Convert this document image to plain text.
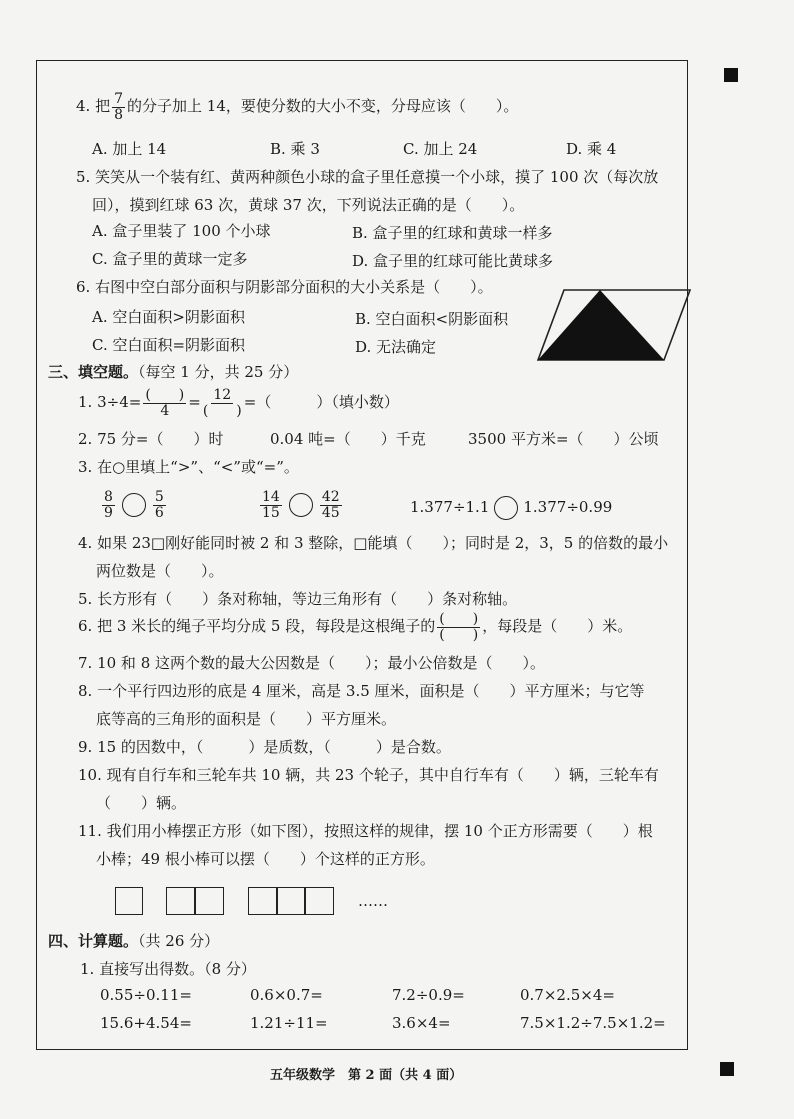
4. 把 $\frac{7}{8}$ 的分子加上 14，要使分数的大小不变，分母应该（　　）。
A. 加上 14	B. 乘 3	C. 加上 24	D. 乘 4
5. 笑笑从一个装有红、黄两种颜色小球的盒子里任意摸一个小球，摸了 100 次（每次放
回），摸到红球 63 次，黄球 37 次，下列说法正确的是（　　）。
A. 盒子里装了 100 个小球	B. 盒子里的红球和黄球一样多
C. 盒子里的黄球一定多	D. 盒子里的红球可能比黄球多
6. 右图中空白部分面积与阴影部分面积的大小关系是（　　）。
A. 空白面积>阴影面积	B. 空白面积<阴影面积
C. 空白面积=阴影面积	D. 无法确定
三、填空题。（每空 1 分，共 25 分）
1. $3\div 4= \frac{( )}{4} = \frac{12}{( )}$ =（　　　）（填小数）
2. 75 分=（　　）时	0.04 吨=（　　）千克	3500 平方米=（　　）公顷
3. 在○里填上“>”、“<”或“=”。
$\frac{8}{9}$	$\frac{5}{6}$	$\frac{14}{15}$	$\frac{42}{45}$	1.377÷1.1 1.377÷0.99
4. 如果 23□刚好能同时被 2 和 3 整除，□能填（　　）；同时是 2，3，5 的倍数的最小
两位数是（　　）。
5. 长方形有（　　）条对称轴，等边三角形有（　　）条对称轴。
6. 把 3 米长的绳子平均分成 5 段，每段是这根绳子的 $\frac{( )}{( )}$ ，每段是（　　）米。
7. 10 和 8 这两个数的最大公因数是（　　）；最小公倍数是（　　）。
8. 一个平行四边形的底是 4 厘米，高是 3.5 厘米，面积是（　　）平方厘米；与它等
底等高的三角形的面积是（　　）平方厘米。
9. 15 的因数中，（　　　）是质数，（　　　）是合数。
10. 现有自行车和三轮车共 10 辆，共 23 个轮子，其中自行车有（　　）辆，三轮车有
（　　）辆。
11. 我们用小棒摆正方形（如下图），按照这样的规律，摆 10 个正方形需要（　　）根
小棒；49 根小棒可以摆（　　）个这样的正方形。
……
四、计算题。（共 26 分）
1. 直接写出得数。（8 分）
0.55÷0.11=	0.6×0.7=	7.2÷0.9=	0.7×2.5×4=
15.6+4.54=	1.21÷11=	3.6×4=	7.5×1.2÷7.5×1.2=
五年级数学　第 2 面（共 4 面）
